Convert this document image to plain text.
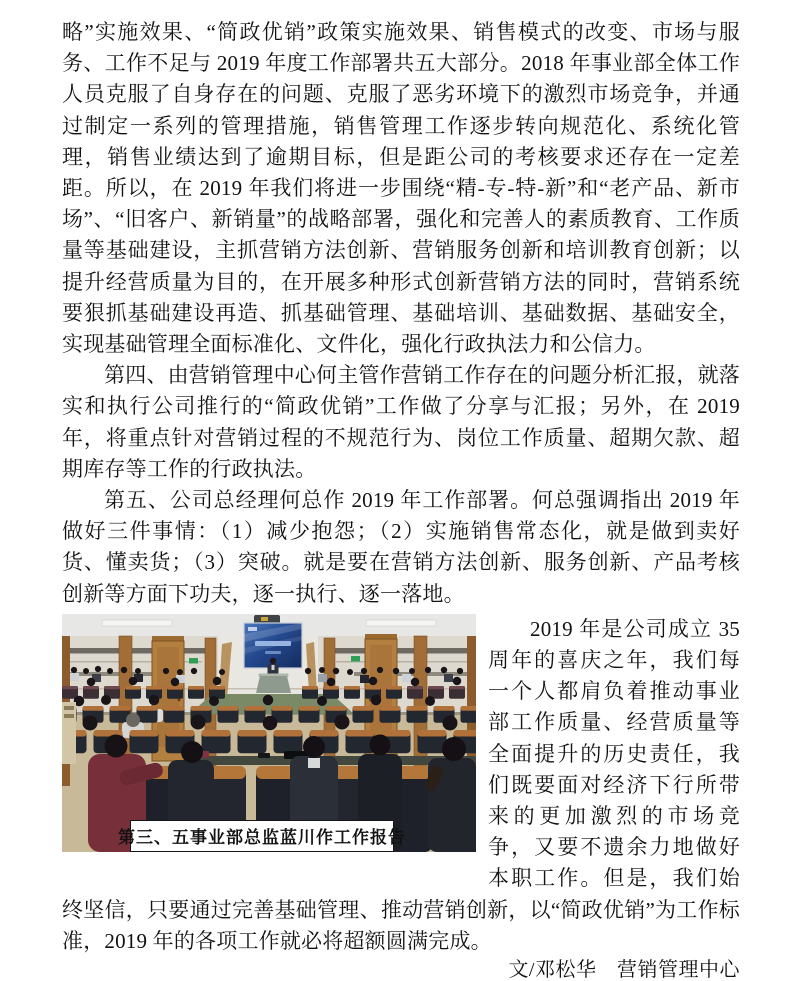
略”实施效果、“简政优销”政策实施效果、销售模式的改变、市场与服务、工作不足与 2019 年度工作部署共五大部分。2018 年事业部全体工作人员克服了自身存在的问题、克服了恶劣环境下的激烈市场竞争，并通过制定一系列的管理措施，销售管理工作逐步转向规范化、系统化管理，销售业绩达到了逾期目标，但是距公司的考核要求还存在一定差距。所以，在 2019 年我们将进一步围绕“精-专-特-新”和“老产品、新市场”、“旧客户、新销量”的战略部署，强化和完善人的素质教育、工作质量等基础建设，主抓营销方法创新、营销服务创新和培训教育创新；以提升经营质量为目的，在开展多种形式创新营销方法的同时，营销系统要狠抓基础建设再造、抓基础管理、基础培训、基础数据、基础安全，实现基础管理全面标准化、文件化，强化行政执法力和公信力。

第四、由营销管理中心何主管作营销工作存在的问题分析汇报，就落实和执行公司推行的“简政优销”工作做了分享与汇报；另外，在 2019 年，将重点针对营销过程的不规范行为、岗位工作质量、超期欠款、超期库存等工作的行政执法。

第五、公司总经理何总作 2019 年工作部署。何总强调指出 2019 年做好三件事情：（1）减少抱怨；（2）实施销售常态化，就是做到卖好货、懂卖货；（3）突破。就是要在营销方法创新、服务创新、产品考核创新等方面下功夫，逐一执行、逐一落地。

第三、五事业部总监蓝川作工作报告

2019 年是公司成立 35 周年的喜庆之年，我们每一个人都肩负着推动事业部工作质量、经营质量等全面提升的历史责任，我们既要面对经济下行所带来的更加激烈的市场竞争，又要不遗余力地做好本职工作。但是，我们始终坚信，只要通过完善基础管理、推动营销创新，以“简政优销”为工作标准，2019 年的各项工作就必将超额圆满完成。

文/邓松华　营销管理中心
